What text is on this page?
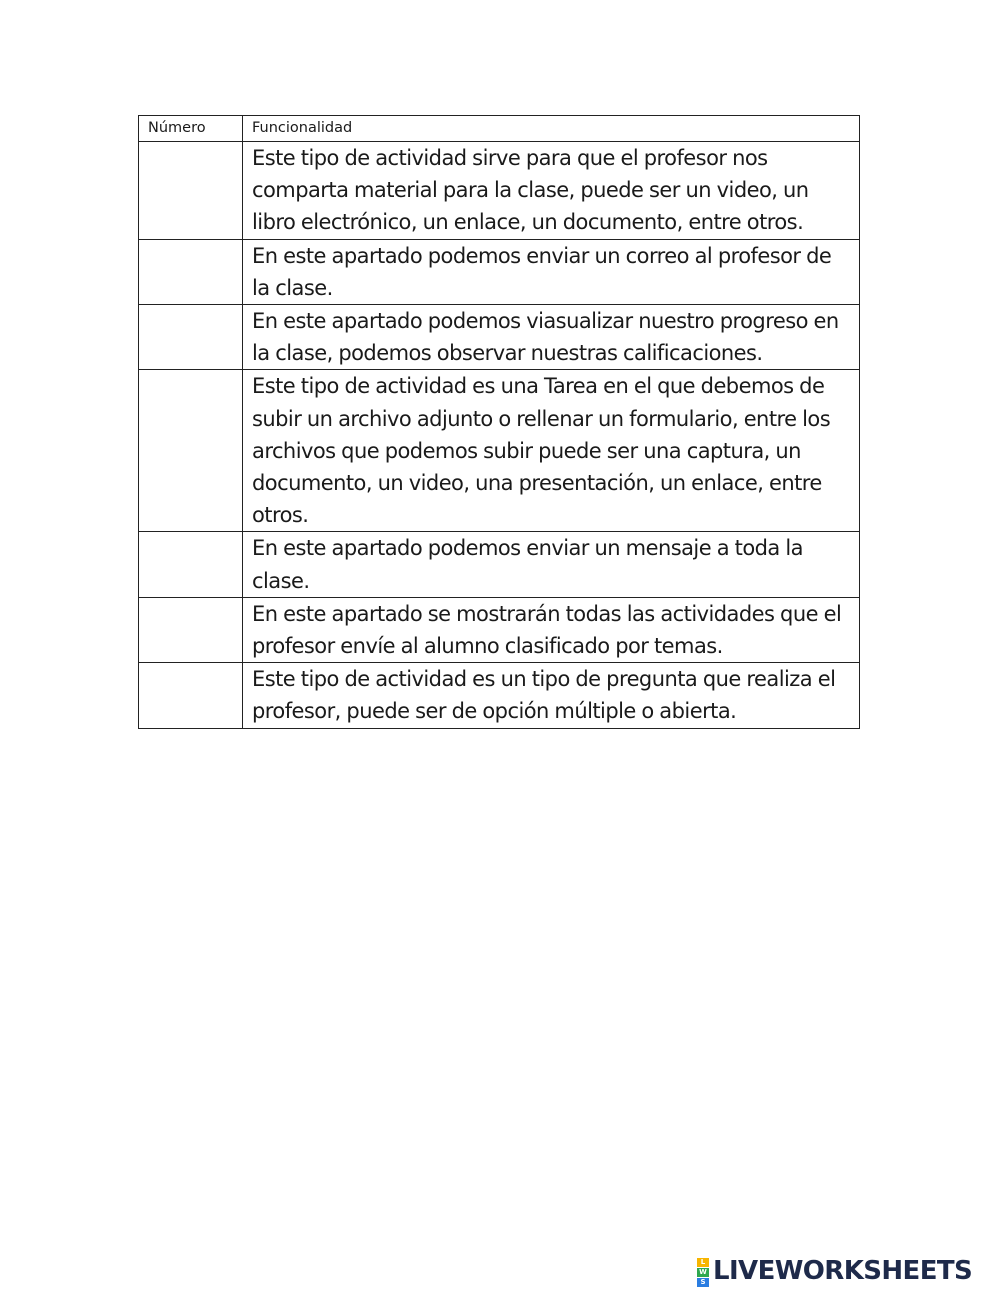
Número	Funcionalidad

	Este tipo de actividad sirve para que el profesor nos comparta material para la clase, puede ser un video, un libro electrónico, un enlace, un documento, entre otros.

	En este apartado podemos enviar un correo al profesor de la clase.

	En este apartado podemos viasualizar nuestro progreso en la clase, podemos observar nuestras calificaciones.

	Este tipo de actividad es una Tarea en el que debemos de subir un archivo adjunto o rellenar un formulario, entre los archivos que podemos subir puede ser una captura, un documento, un video, una presentación, un enlace, entre otros.

	En este apartado podemos enviar un mensaje a toda la clase.

	En este apartado se mostrarán todas las actividades que el profesor envíe al alumno clasificado por temas.

	Este tipo de actividad es un tipo de pregunta que realiza el profesor, puede ser de opción múltiple o abierta.
L
W
S LIVEWORKSHEETS
